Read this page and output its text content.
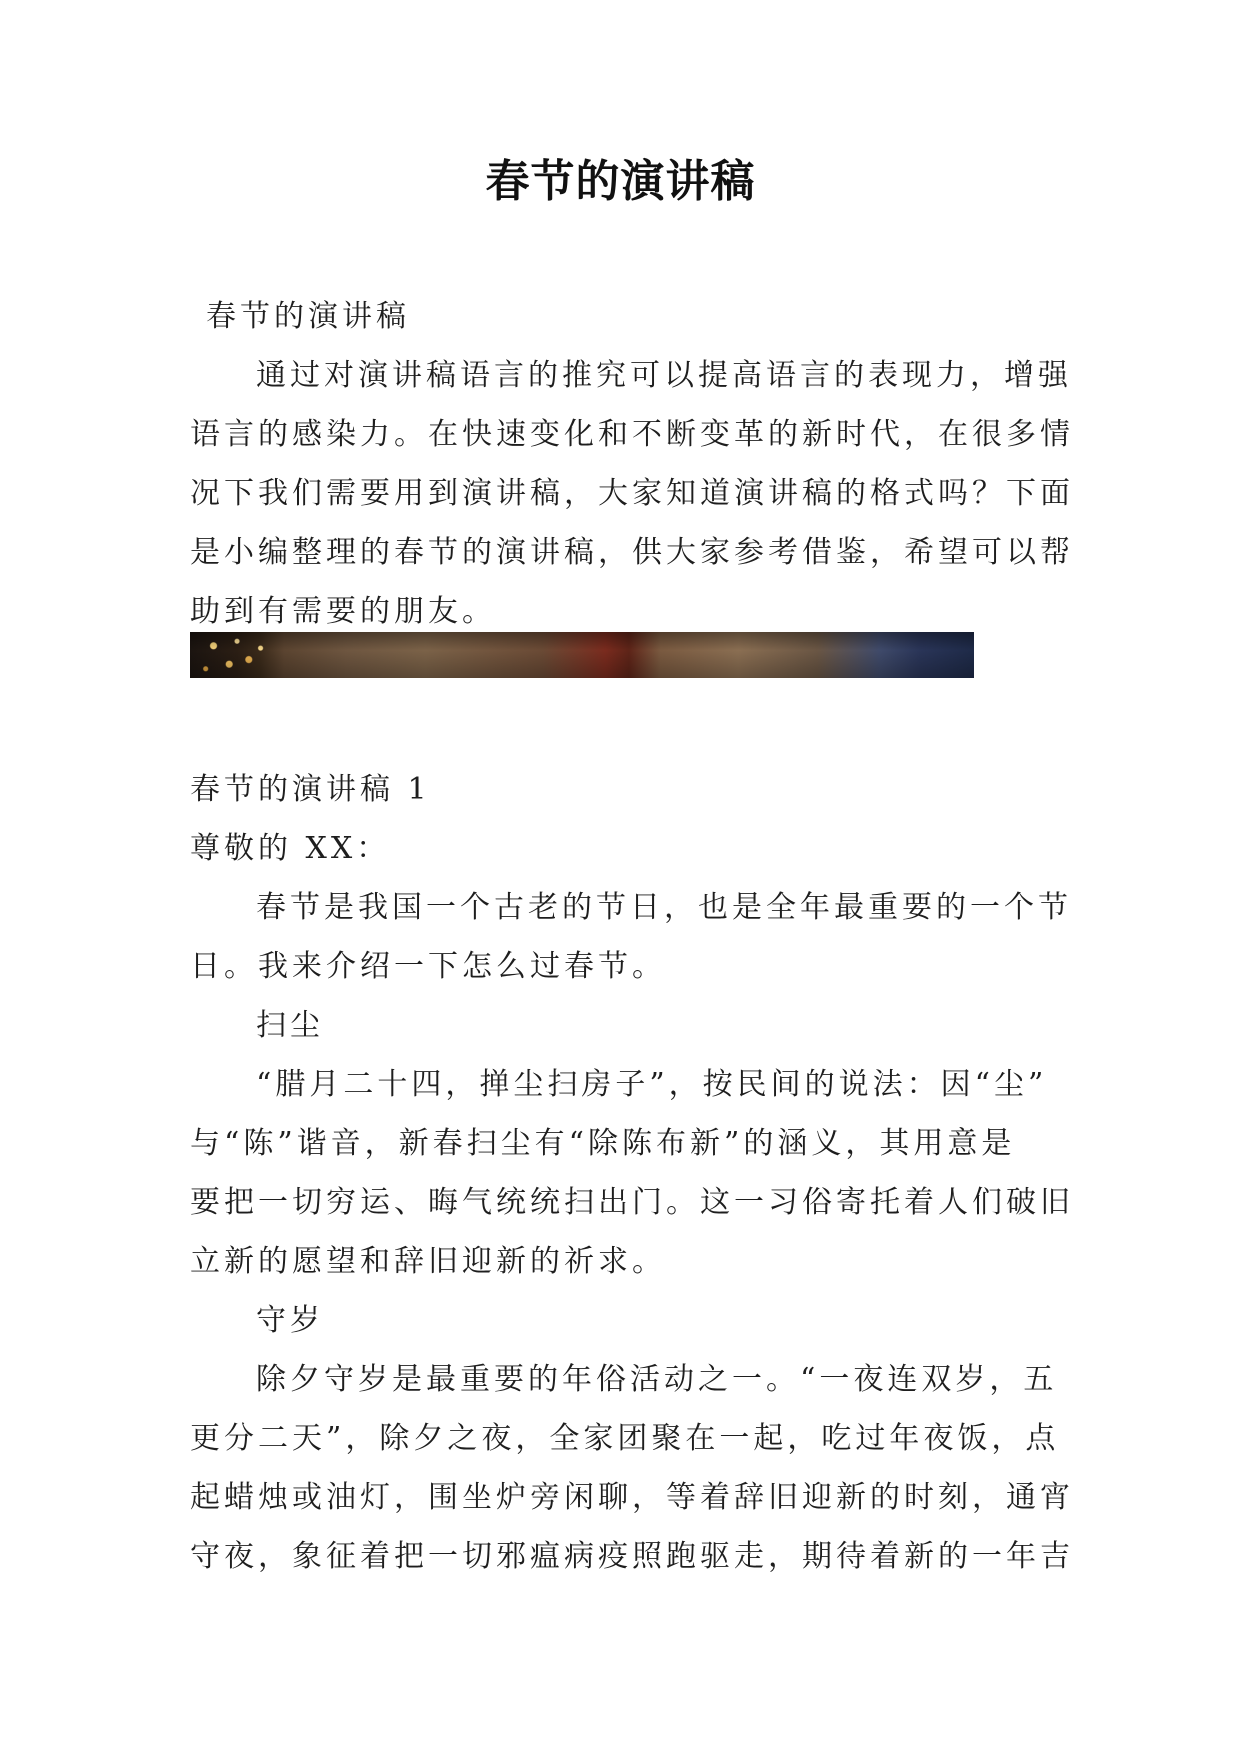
春节的演讲稿
春节的演讲稿
通过对演讲稿语言的推究可以提高语言的表现力，增强
语言的感染力。在快速变化和不断变革的新时代，在很多情
况下我们需要用到演讲稿，大家知道演讲稿的格式吗？下面
是小编整理的春节的演讲稿，供大家参考借鉴，希望可以帮
助到有需要的朋友。
春节的演讲稿 1
尊敬的 XX：
春节是我国一个古老的节日，也是全年最重要的一个节
日。我来介绍一下怎么过春节。
扫尘
“腊月二十四，掸尘扫房子”，按民间的说法：因“尘”
与“陈”谐音，新春扫尘有“除陈布新”的涵义，其用意是
要把一切穷运、晦气统统扫出门。这一习俗寄托着人们破旧
立新的愿望和辞旧迎新的祈求。
守岁
除夕守岁是最重要的年俗活动之一。“一夜连双岁，五
更分二天”，除夕之夜，全家团聚在一起，吃过年夜饭，点
起蜡烛或油灯，围坐炉旁闲聊，等着辞旧迎新的时刻，通宵
守夜，象征着把一切邪瘟病疫照跑驱走，期待着新的一年吉
